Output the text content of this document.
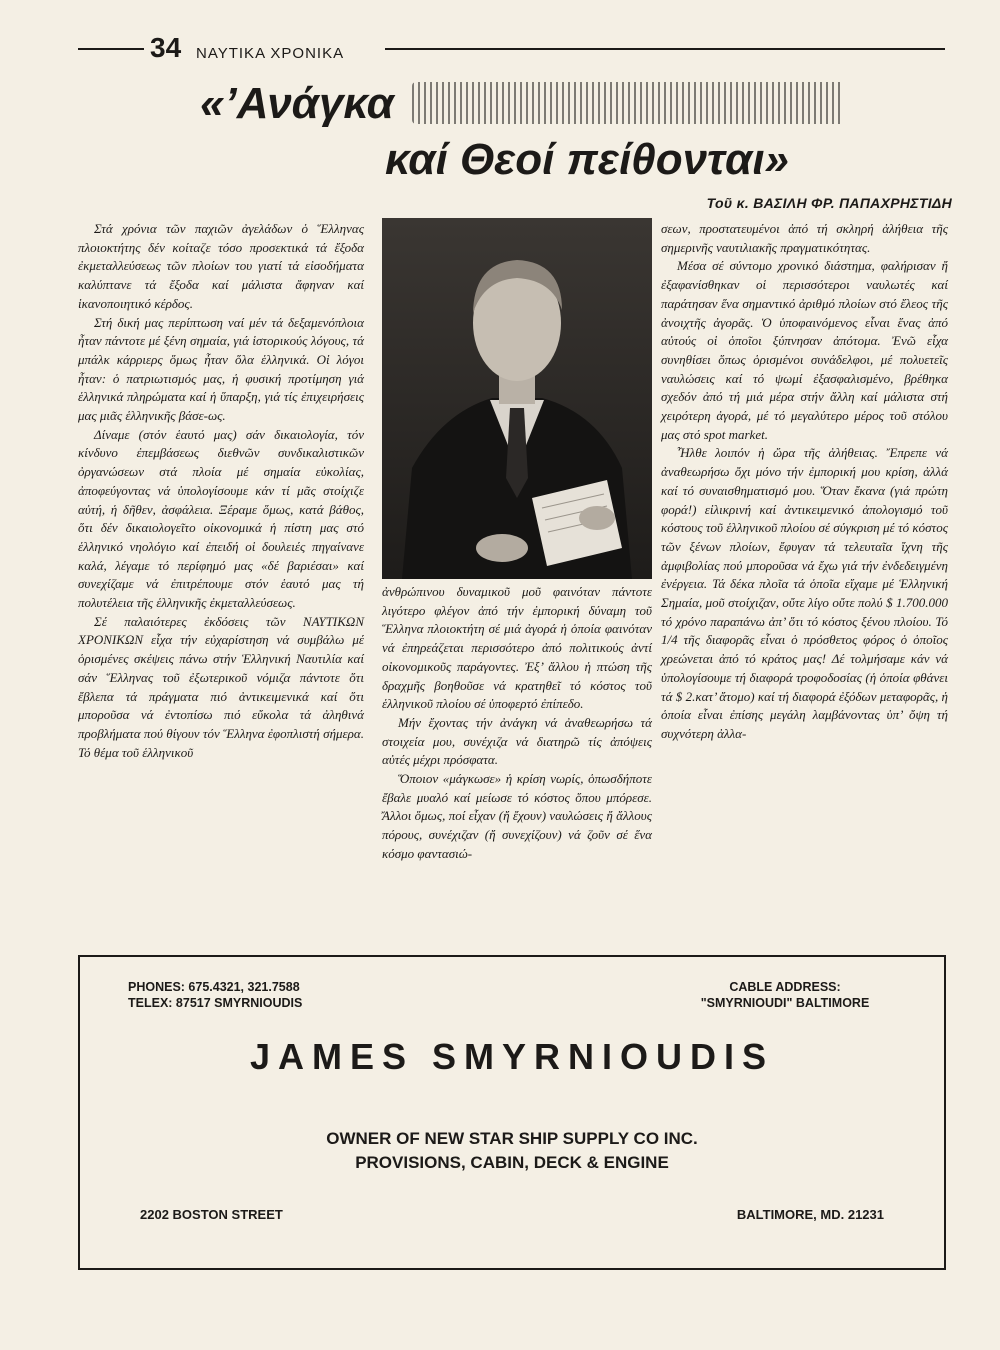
34 ΝΑΥΤΙΚΑ ΧΡΟΝΙΚΑ
«’Ανάγκα
καί Θεοί πείθονται»
Τοῦ κ. ΒΑΣΙΛΗ ΦΡ. ΠΑΠΑΧΡΗΣΤΙΔΗ

Στά χρόνια τῶν παχιῶν ἀγελάδων ὁ Ἕλληνας πλοιοκτήτης δέν κοίταζε τόσο προσεκτικά τά ἔξοδα ἐκμεταλλεύσεως τῶν πλοίων του γιατί τά εἰσοδήματα καλύπτανε τά ἔξοδα καί μάλιστα ἄφηναν καί ἱκανοποιητικό κέρδος.

Στή δική μας περίπτωση ναί μέν τά δεξαμενόπλοια ἦταν πάντοτε μέ ξένη σημαία, γιά ἱστορικούς λόγους, τά μπάλκ κάρριερς ὅμως ἦταν ὅλα ἑλληνικά. Οἱ λόγοι ἦταν: ὁ πατριωτισμός μας, ἡ φυσική προτίμηση γιά ἑλληνικά πληρώματα καί ἡ ὕπαρξη, γιά τίς ἐπιχειρήσεις μας μιᾶς ἑλληνικῆς βάσε-ως.

Δίναμε (στόν ἑαυτό μας) σάν δικαιολογία, τόν κίνδυνο ἐπεμβάσεως διεθνῶν συνδικαλιστικῶν ὀργανώσεων στά πλοία μέ σημαία εὐκολίας, ἀποφεύγοντας νά ὑπολογίσουμε κάν τί μᾶς στοίχιζε αὐτή, ἡ δῆθεν, ἀσφάλεια. Ξέραμε ὅμως, κατά βάθος, ὅτι δέν δικαιολογεῖτο οἰκονομικά ἡ πίστη μας στό ἑλληνικό νηολόγιο καί ἐπειδή οἱ δουλειές πηγαίνανε καλά, λέγαμε τό περίφημό μας «δέ βαριέσαι» καί συνεχίζαμε νά ἐπιτρέπουμε στόν ἑαυτό μας τή πολυτέλεια τῆς ἑλληνικῆς ἐκμεταλλεύσεως.

Σέ παλαιότερες ἐκδόσεις τῶν ΝΑΥΤΙΚΩΝ ΧΡΟΝΙΚΩΝ εἶχα τήν εὐχαρίστηση νά συμβάλω μέ ὁρισμένες σκέψεις πάνω στήν Ἑλληνική Ναυτιλία καί σάν Ἕλληνας τοῦ ἐξωτερικοῦ νόμιζα πάντοτε ὅτι ἔβλεπα τά πράγματα πιό ἀντικειμενικά καί ὅτι μποροῦσα νά ἐντοπίσω πιό εὔκολα τά ἀληθινά προβλήματα πού θίγουν τόν Ἕλληνα ἐφοπλιστή σήμερα. Τό θέμα τοῦ ἑλληνικοῦ

ἀνθρώπινου δυναμικοῦ μοῦ φαινόταν πάντοτε λιγότερο φλέγον ἀπό τήν ἐμπορική δύναμη τοῦ Ἕλληνα πλοιοκτήτη σέ μιά ἀγορά ἡ ὁποία φαινόταν νά ἐπηρεάζεται περισσότερο ἀπό πολιτικούς ἀντί οἰκονομικοῦς παράγοντες. Ἐξ’ ἄλλου ἡ πτώση τῆς δραχμῆς βοηθοῦσε νά κρατηθεῖ τό κόστος τοῦ ἑλληνικοῦ πλοίου σέ ὑποφερτό ἐπίπεδο.

Μήν ἔχοντας τήν ἀνάγκη νά ἀναθεωρήσω τά στοιχεία μου, συνέχιζα νά διατηρῶ τίς ἀπόψεις αὐτές μέχρι πρόσφατα.

Ὅποιον «μάγκωσε» ἡ κρίση νωρίς, ὁπωσδήποτε ἔβαλε μυαλό καί μείωσε τό κόστος ὅπου μπόρεσε. Ἄλλοι ὅμως, ποί εἶχαν (ἤ ἔχουν) ναυλώσεις ἤ ἄλλους πόρους, συνέχιζαν (ἤ συνεχίζουν) νά ζοῦν σέ ἕνα κόσμο φαντασιώ-

σεων, προστατευμένοι ἀπό τή σκληρή ἀλήθεια τῆς σημερινῆς ναυτιλιακῆς πραγματικότητας.

Μέσα σέ σύντομο χρονικό διάστημα, φαλήρισαν ἤ ἐξαφανίσθηκαν οἱ περισσότεροι ναυλωτές καί παράτησαν ἕνα σημαντικό ἀριθμό πλοίων στό ἔλεος τῆς ἀνοιχτῆς ἀγορᾶς. Ὁ ὑποφαινόμενος εἶναι ἕνας ἀπό αὐτούς οἱ ὁποῖοι ξύπνησαν ἀπότομα. Ἐνῶ εἶχα συνηθίσει ὅπως ὁρισμένοι συνάδελφοι, μέ πολυετεῖς ναυλώσεις καί τό ψωμί ἐξασφαλισμένο, βρέθηκα σχεδόν ἀπό τή μιά μέρα στήν ἄλλη καί μάλιστα στή χειρότερη ἀγορά, μέ τό μεγαλύτερο μέρος τοῦ στόλου μας στό spot market.

Ἦλθε λοιπόν ἡ ὥρα τῆς ἀλήθειας. Ἔπρεπε νά ἀναθεωρήσω ὄχι μόνο τήν ἐμπορική μου κρίση, ἀλλά καί τό συναισθηματισμό μου. Ὅταν ἔκανα (γιά πρώτη φορά!) εἰλικρινή καί ἀντικειμενικό ἀπολογισμό τοῦ κόστους τοῦ ἑλληνικοῦ πλοίου σέ σύγκριση μέ τό κόστος τῶν ξένων πλοίων, ἔφυγαν τά τελευταῖα ἴχνη τῆς ἀμφιβολίας πού μποροῦσα νά ἔχω γιά τήν ἐνδεδειγμένη ἐνέργεια. Τά δέκα πλοῖα τά ὁποῖα εἴχαμε μέ Ἑλληνική Σημαία, μοῦ στοίχιζαν, οὔτε λίγο οὔτε πολύ $ 1.700.000 τό χρόνο παραπάνω ἀπ’ ὅτι τό κόστος ξένου πλοίου. Τό 1/4 τῆς διαφορᾶς εἶναι ὁ πρόσθετος φόρος ὁ ὁποῖος χρεώνεται ἀπό τό κράτος μας! Δέ τολμήσαμε κάν νά ὑπολογίσουμε τή διαφορά τροφοδοσίας (ἡ ὁποία φθάνει τά $ 2.κατ’ ἄτομο) καί τή διαφορά ἐξόδων μεταφορᾶς, ἡ ὁποία εἶναι ἐπίσης μεγάλη λαμβάνοντας ὑπ’ ὄψη τή συχνότερη ἀλλα-

PHONES: 675.4321, 321.7588
TELEX: 87517 SMYRNIOUDIS
CABLE ADDRESS:
"SMYRNIOUDI" BALTIMORE
JAMES SMYRNIOUDIS
OWNER OF NEW STAR SHIP SUPPLY CO INC.
PROVISIONS, CABIN, DECK & ENGINE
2202 BOSTON STREET	BALTIMORE, MD. 21231
